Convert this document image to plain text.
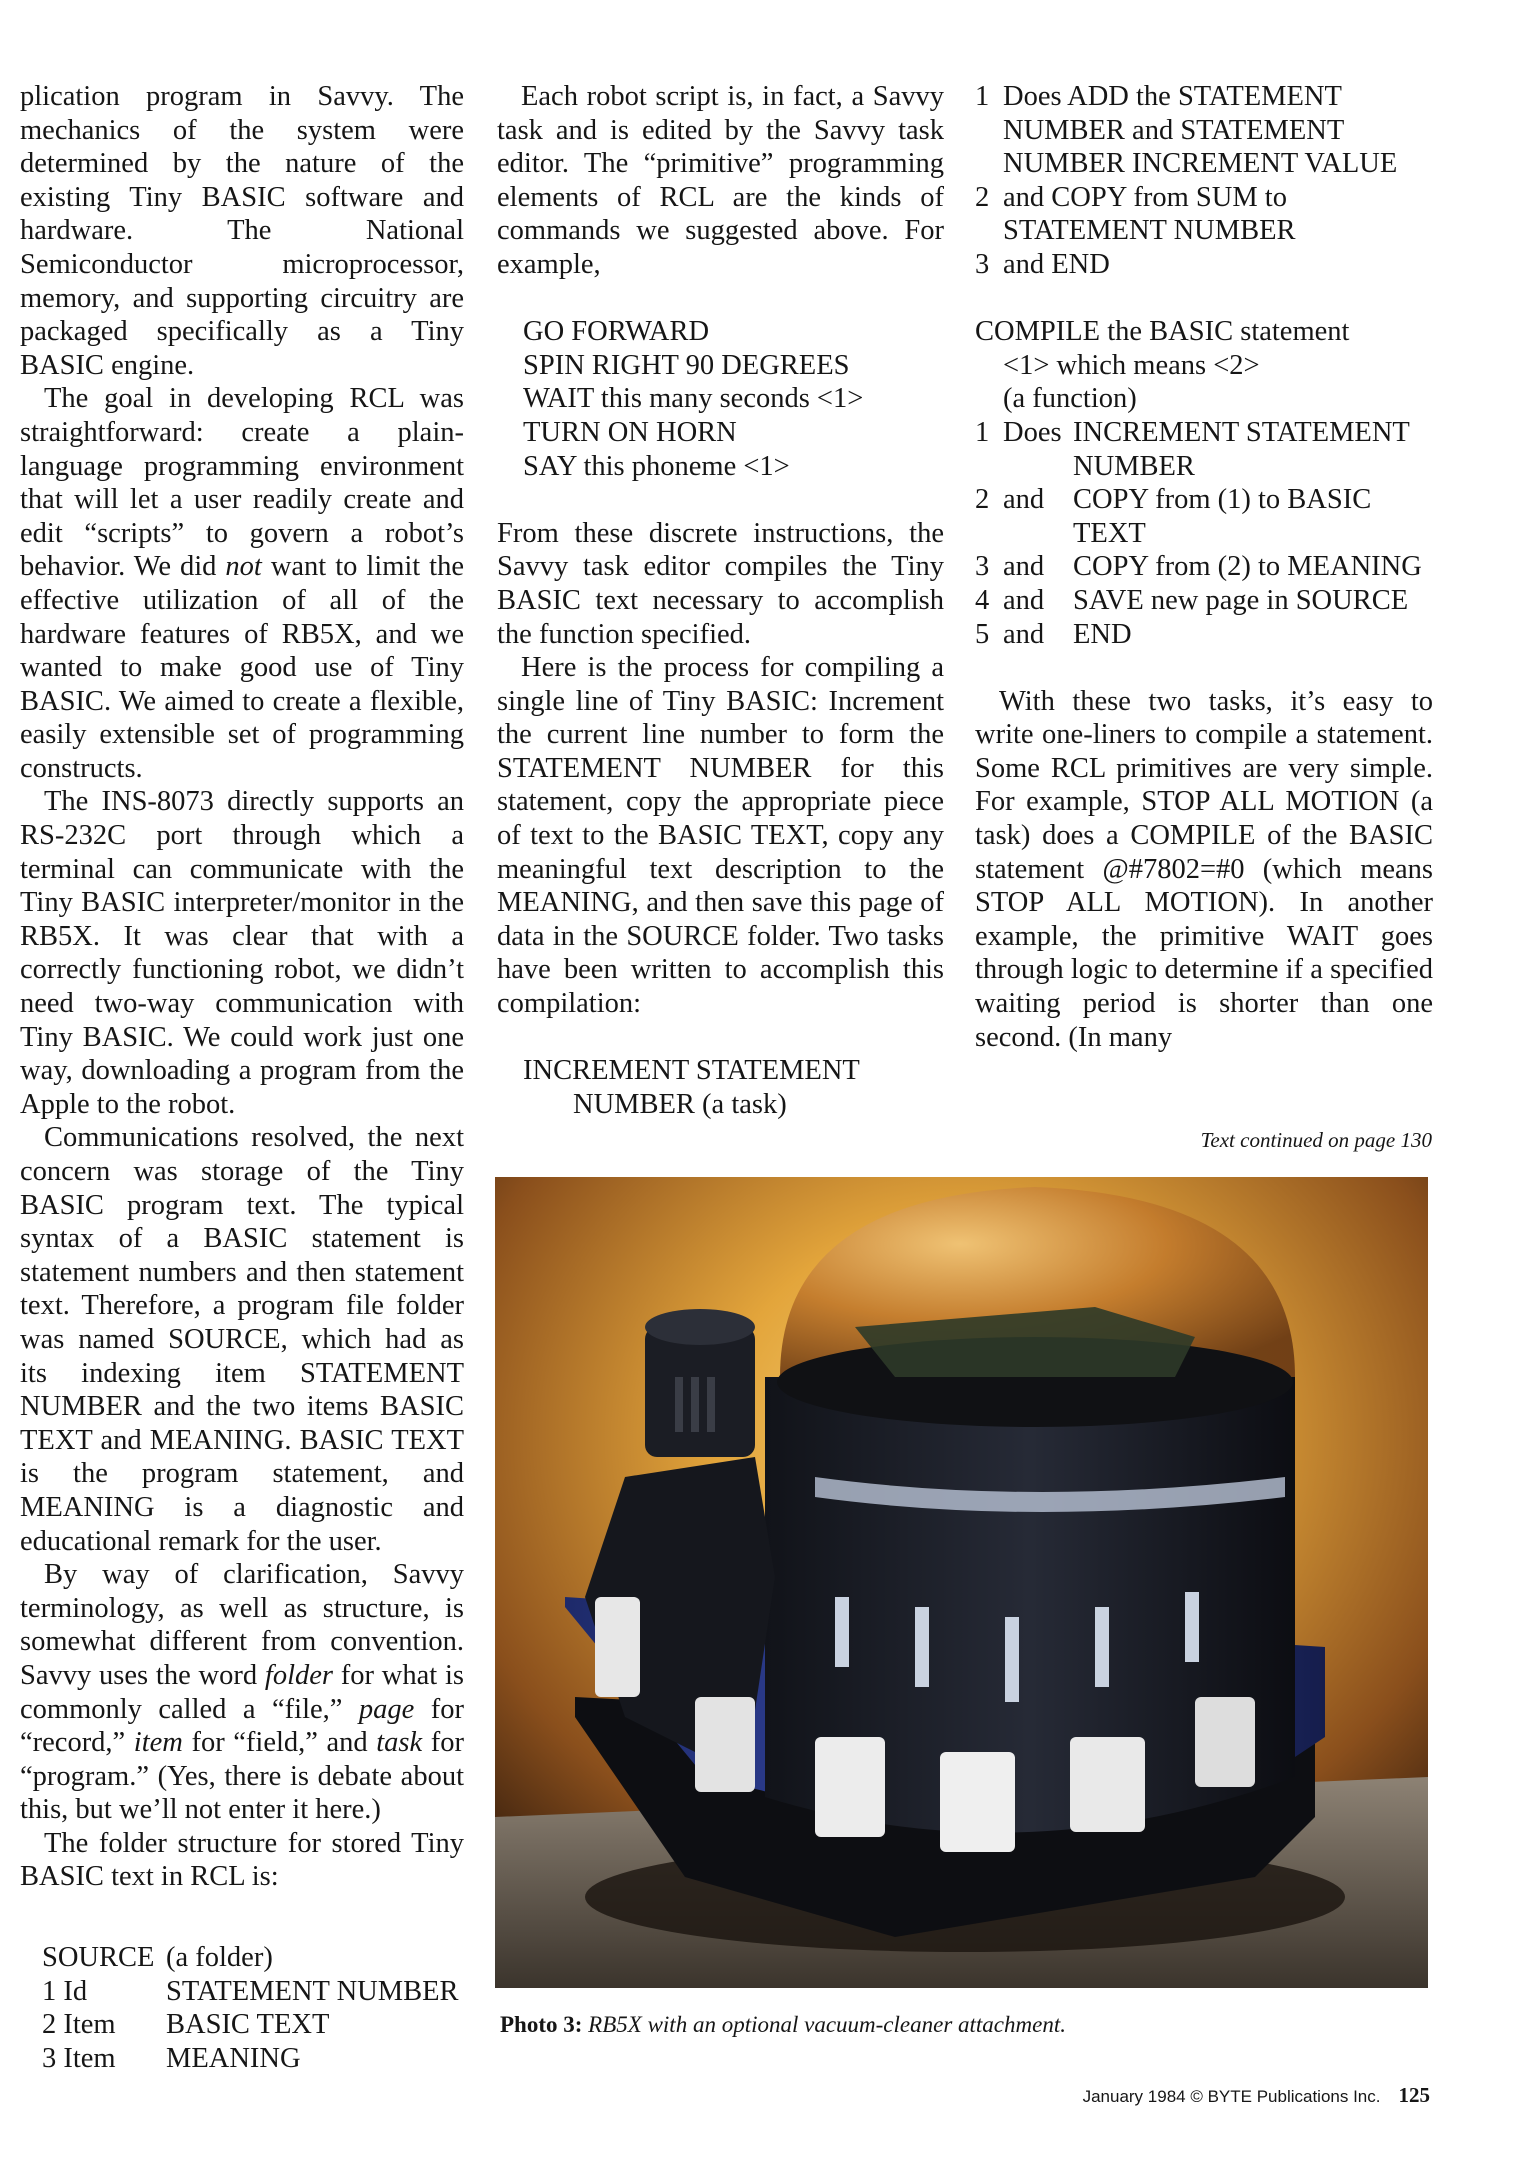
plication program in Savvy. The mechanics of the system were determined by the nature of the existing Tiny BASIC software and hardware. The National Semiconductor microprocessor, memory, and supporting circuitry are packaged specifically as a Tiny BASIC engine.

The goal in developing RCL was straightforward: create a plain-language programming environment that will let a user readily create and edit “scripts” to govern a robot’s behavior. We did not want to limit the effective utilization of all of the hardware features of RB5X, and we wanted to make good use of Tiny BASIC. We aimed to create a flexible, easily extensible set of programming constructs.

The INS-8073 directly supports an RS-232C port through which a terminal can communicate with the Tiny BASIC interpreter/monitor in the RB5X. It was clear that with a correctly functioning robot, we didn’t need two-way communication with Tiny BASIC. We could work just one way, downloading a program from the Apple to the robot.

Communications resolved, the next concern was storage of the Tiny BASIC program text. The typical syntax of a BASIC statement is statement numbers and then statement text. Therefore, a program file folder was named SOURCE, which had as its indexing item STATEMENT NUMBER and the two items BASIC TEXT and MEANING. BASIC TEXT is the program statement, and MEANING is a diagnostic and educational remark for the user.

By way of clarification, Savvy terminology, as well as structure, is somewhat different from convention. Savvy uses the word folder for what is commonly called a “file,” page for “record,” item for “field,” and task for “program.” (Yes, there is debate about this, but we’ll not enter it here.)

The folder structure for stored Tiny BASIC text in RCL is:

SOURCE (a folder)
1 Id	STATEMENT NUMBER
2 Item	BASIC TEXT
3 Item	MEANING

Each robot script is, in fact, a Savvy task and is edited by the Savvy task editor. The “primitive” programming elements of RCL are the kinds of commands we suggested above. For example,

GO FORWARD
SPIN RIGHT 90 DEGREES
WAIT this many seconds <1>
TURN ON HORN
SAY this phoneme <1>

From these discrete instructions, the Savvy task editor compiles the Tiny BASIC text necessary to accomplish the function specified.

Here is the process for compiling a single line of Tiny BASIC: Increment the current line number to form the STATEMENT NUMBER for this statement, copy the appropriate piece of text to the BASIC TEXT, copy any meaningful text description to the MEANING, and then save this page of data in the SOURCE folder. Two tasks have been written to accomplish this compilation:

INCREMENT STATEMENT
NUMBER (a task)
1 Does ADD the STATEMENT NUMBER and STATEMENT NUMBER INCREMENT VALUE
2 and COPY from SUM to STATEMENT NUMBER
3 and END
COMPILE the BASIC statement
<1> which means <2>
(a function)
1 Does INCREMENT STATEMENT NUMBER
2 and	COPY from (1) to BASIC TEXT
3 and	COPY from (2) to MEANING
4 and	SAVE new page in SOURCE
5 and	END

With these two tasks, it’s easy to write one-liners to compile a statement. Some RCL primitives are very simple. For example, STOP ALL MOTION (a task) does a COMPILE of the BASIC statement @#7802=#0 (which means STOP ALL MOTION). In another example, the primitive WAIT goes through logic to determine if a specified waiting period is shorter than one second. (In many

Text continued on page 130
Photo 3: RB5X with an optional vacuum-cleaner attachment.
January 1984 © BYTE Publications Inc. 125
